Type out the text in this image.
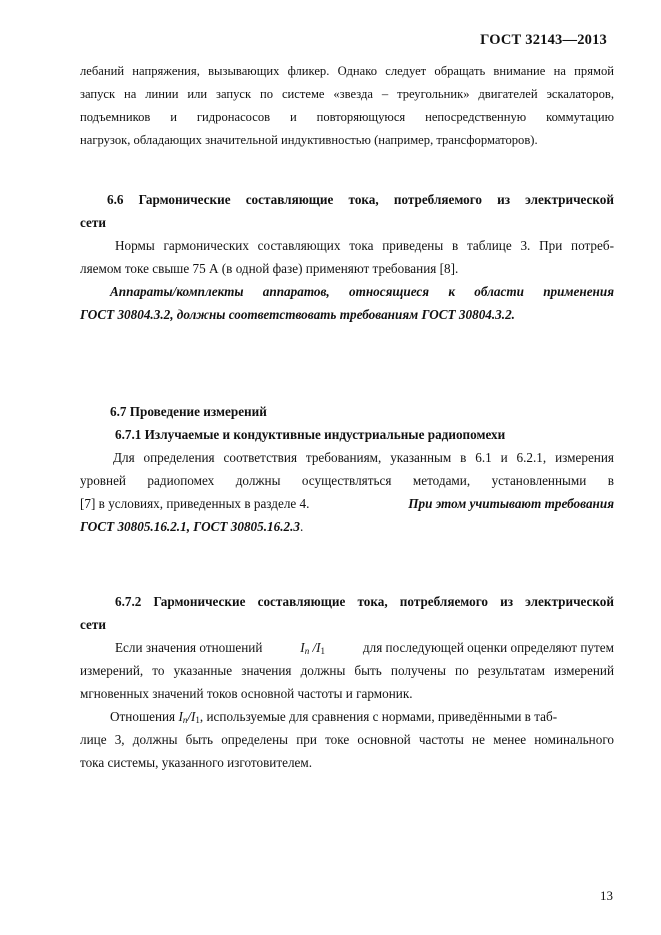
ГОСТ 32143—2013
лебаний напряжения, вызывающих фликер. Однако следует обращать внимание на прямой
запуск на линии или запуск по системе «звезда – треугольник» двигателей эскалаторов,
подъемников и гидронасосов и повторяющуюся непосредственную коммутацию
нагрузок, обладающих значительной индуктивностью (например, трансформаторов).
6.6 Гармонические составляющие тока, потребляемого из электрической
сети
Нормы гармонических составляющих тока приведены в таблице 3. При потреб-
ляемом токе свыше 75 А (в одной фазе) применяют требования [8].
Аппараты/комплекты аппаратов, относящиеся к области применения
ГОСТ 30804.3.2, должны соответствовать требованиям ГОСТ 30804.3.2.
6.7 Проведение измерений
6.7.1 Излучаемые и кондуктивные индустриальные радиопомехи
Для определения соответствия требованиям, указанным в 6.1 и 6.2.1, измерения
уровней радиопомех должны осуществляться методами, установленными в
[7] в условиях, приведенных в разделе 4.	При этом учитывают требования
ГОСТ 30805.16.2.1, ГОСТ 30805.16.2.3.
6.7.2 Гармонические составляющие тока, потребляемого из электрической
сети
Если значения отношений	$I_n$ $/I_1$	для последующей оценки определяют путем
измерений, то указанные значения должны быть получены по результатам измерений
мгновенных значений токов основной частоты и гармоник.
Отношения $I_n/I_1$, используемые для сравнения с нормами, приведёнными в таб-
лице 3, должны быть определены при токе основной частоты не менее номинального
тока системы, указанного изготовителем.
13
